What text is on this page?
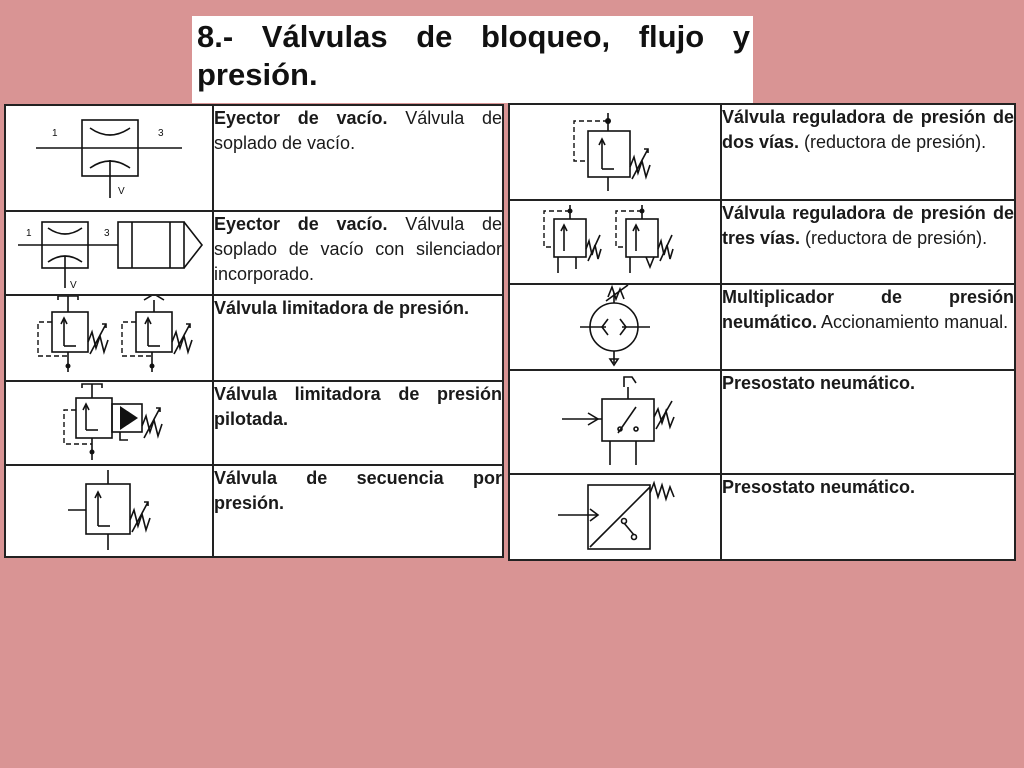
8.- Válvulas de bloqueo, flujo y presión.
1 3
V	Eyector de vacío. Válvula de soplado de vacío.

1 3
V	Eyector de vacío. Válvula de soplado de vacío con silenciador incorporado.

	Válvula limitadora de presión.

	Válvula limitadora de presión pilotada.

	Válvula de secuencia por presión.
	Válvula reguladora de presión de dos vías. (reductora de presión).

	Válvula reguladora de presión de tres vías. (reductora de presión).

	Multiplicador de presión neumático. Accionamiento manual.

	Presostato neumático.

	Presostato neumático.
